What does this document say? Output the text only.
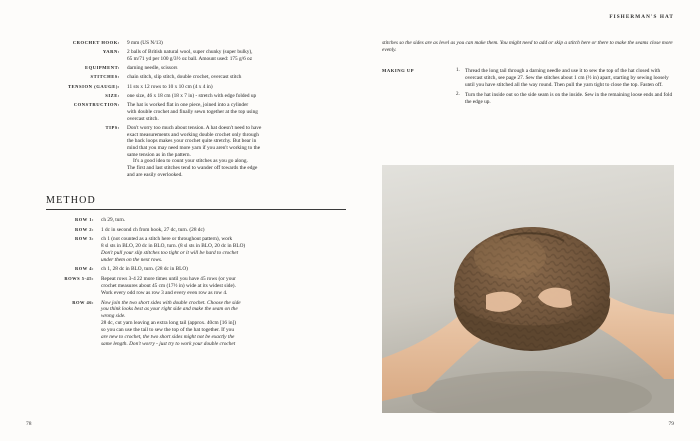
FISHERMAN'S HAT
78	79
CROCHET HOOK:	9 mm (US N/13)

YARN:	2 balls of British natural wool, super chunky (super bulky),
65 m/71 yd per 100 g/3½ oz ball. Amount used: 175 g/6 oz

EQUIPMENT:	darning needle, scissors

STITCHES:	chain stitch, slip stitch, double crochet, overcast stitch

TENSION (GAUGE):	11 sts x 12 rows to 10 x 10 cm (4 x 4 in)

SIZE:	one size, 46 x 18 cm (18 x 7 in) - stretch with edge folded up

CONSTRUCTION:	The hat is worked flat in one piece, joined into a cylinder
with double crochet and finally sewn together at the top using
overcast stitch.

TIPS:	Don't worry too much about tension. A hat doesn't need to have
exact measurements and working double crochet only through
the back loops makes your crochet quite stretchy. But bear in
mind that you may need more yarn if you aren't working to the
same tension as in the pattern.
It's a good idea to count your stitches as you go along.
The first and last stitches tend to wander off towards the edge
and are easily overlooked.
METHOD
ROW 1:	ch 29, turn.

ROW 2:	1 dc in second ch from hook, 27 dc, turn. (28 dc)

ROW 3:	ch 1 (not counted as a stitch here or throughout pattern), work
8 sl sts in BLO, 20 dc in BLO, turn. (8 sl sts in BLO, 20 dc in BLO)
Don't pull your slip stitches too tight or it will be hard to crochet
under them on the next rows.

ROW 4:	ch 1, 28 dc in BLO, turn. (28 dc in BLO)

ROWS 5-45:	Repeat rows 3-4 22 more times until you have 45 rows (or your
crochet measures about 45 cm (17½ in) wide at its widest side).
Work every odd row as row 3 and every even row as row 4.

ROW 46:	Now join the two short sides with double crochet. Choose the side
you think looks best as your right side and make the seam on the
wrong side.
28 dc, cut yarn leaving an extra long tail (approx. 40cm [16 in])
so you can use the tail to sew the top of the hat together. If you
are new to crochet, the two short sides might not be exactly the
same length. Don't worry - just try to work your double crochet

stitches so the sides are as level as you can make them. You might need to add or skip a stitch here or there to make the seams close more evenly.

MAKING UP	1. Thread the long tail through a darning needle and use it to sew the top of the hat closed with overcast stitch, see page 27. Sew the stitches about 1 cm (½ in) apart, starting by sewing loosely until you have stitched all the way round. Then pull the yarn tight to close the top. Fasten off.
2. Turn the hat inside out so the side seam is on the inside. Sew in the remaining loose ends and fold the edge up.
